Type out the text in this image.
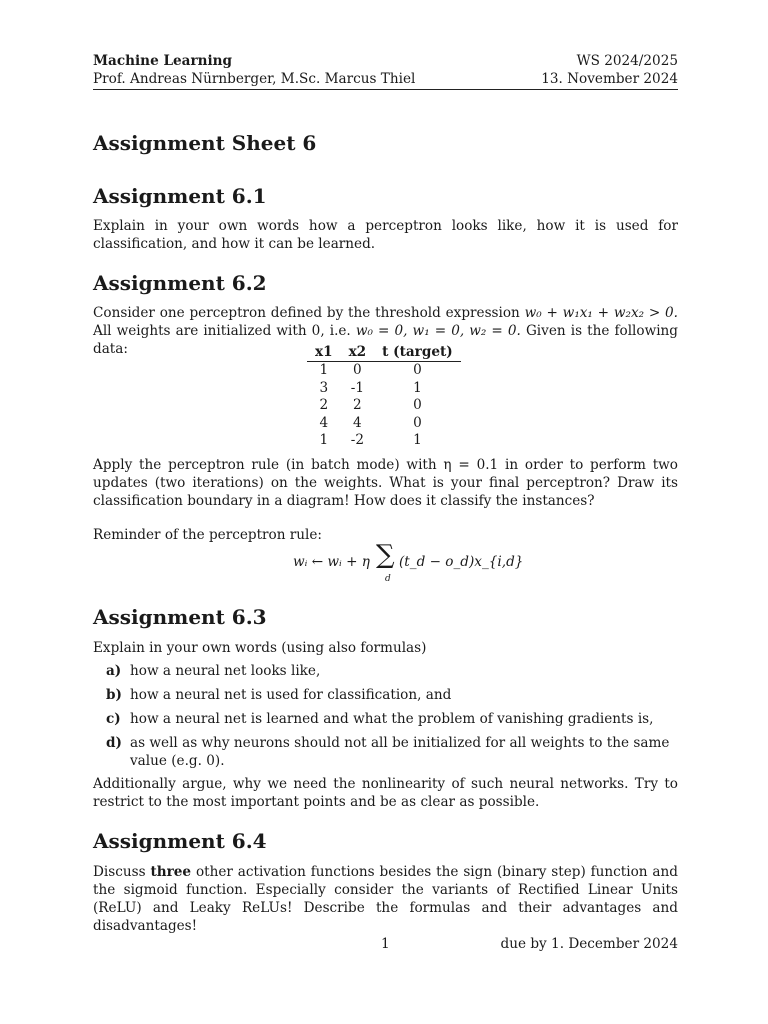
Machine Learning	WS 2024/2025
Prof. Andreas Nürnberger, M.Sc. Marcus Thiel	13. November 2024
Assignment Sheet 6
Assignment 6.1
Explain in your own words how a perceptron looks like, how it is used for classification, and how it can be learned.
Assignment 6.2
Consider one perceptron defined by the threshold expression w₀ + w₁x₁ + w₂x₂ > 0. All weights are initialized with 0, i.e. w₀ = 0, w₁ = 0, w₂ = 0. Given is the following data:	x1	x2	t (target)
1	0	0
3	-1	1
2	2	0
4	4	0
1	-2	1
Apply the perceptron rule (in batch mode) with η = 0.1 in order to perform two updates (two iterations) on the weights. What is your final perceptron? Draw its classification boundary in a diagram! How does it classify the instances?
Reminder of the perceptron rule:
wᵢ ← wᵢ + η ∑
d
(t_d − o_d)x_{i,d}
Assignment 6.3
Explain in your own words (using also formulas)
a) how a neural net looks like,
b) how a neural net is used for classification, and
c) how a neural net is learned and what the problem of vanishing gradients is,
d) as well as why neurons should not all be initialized for all weights to the same value (e.g. 0).
Additionally argue, why we need the nonlinearity of such neural networks. Try to restrict to the most important points and be as clear as possible.
Assignment 6.4
Discuss three other activation functions besides the sign (binary step) function and the sigmoid function. Especially consider the variants of Rectified Linear Units (ReLU) and Leaky ReLUs! Describe the formulas and their advantages and disadvantages!
1	due by 1. December 2024
